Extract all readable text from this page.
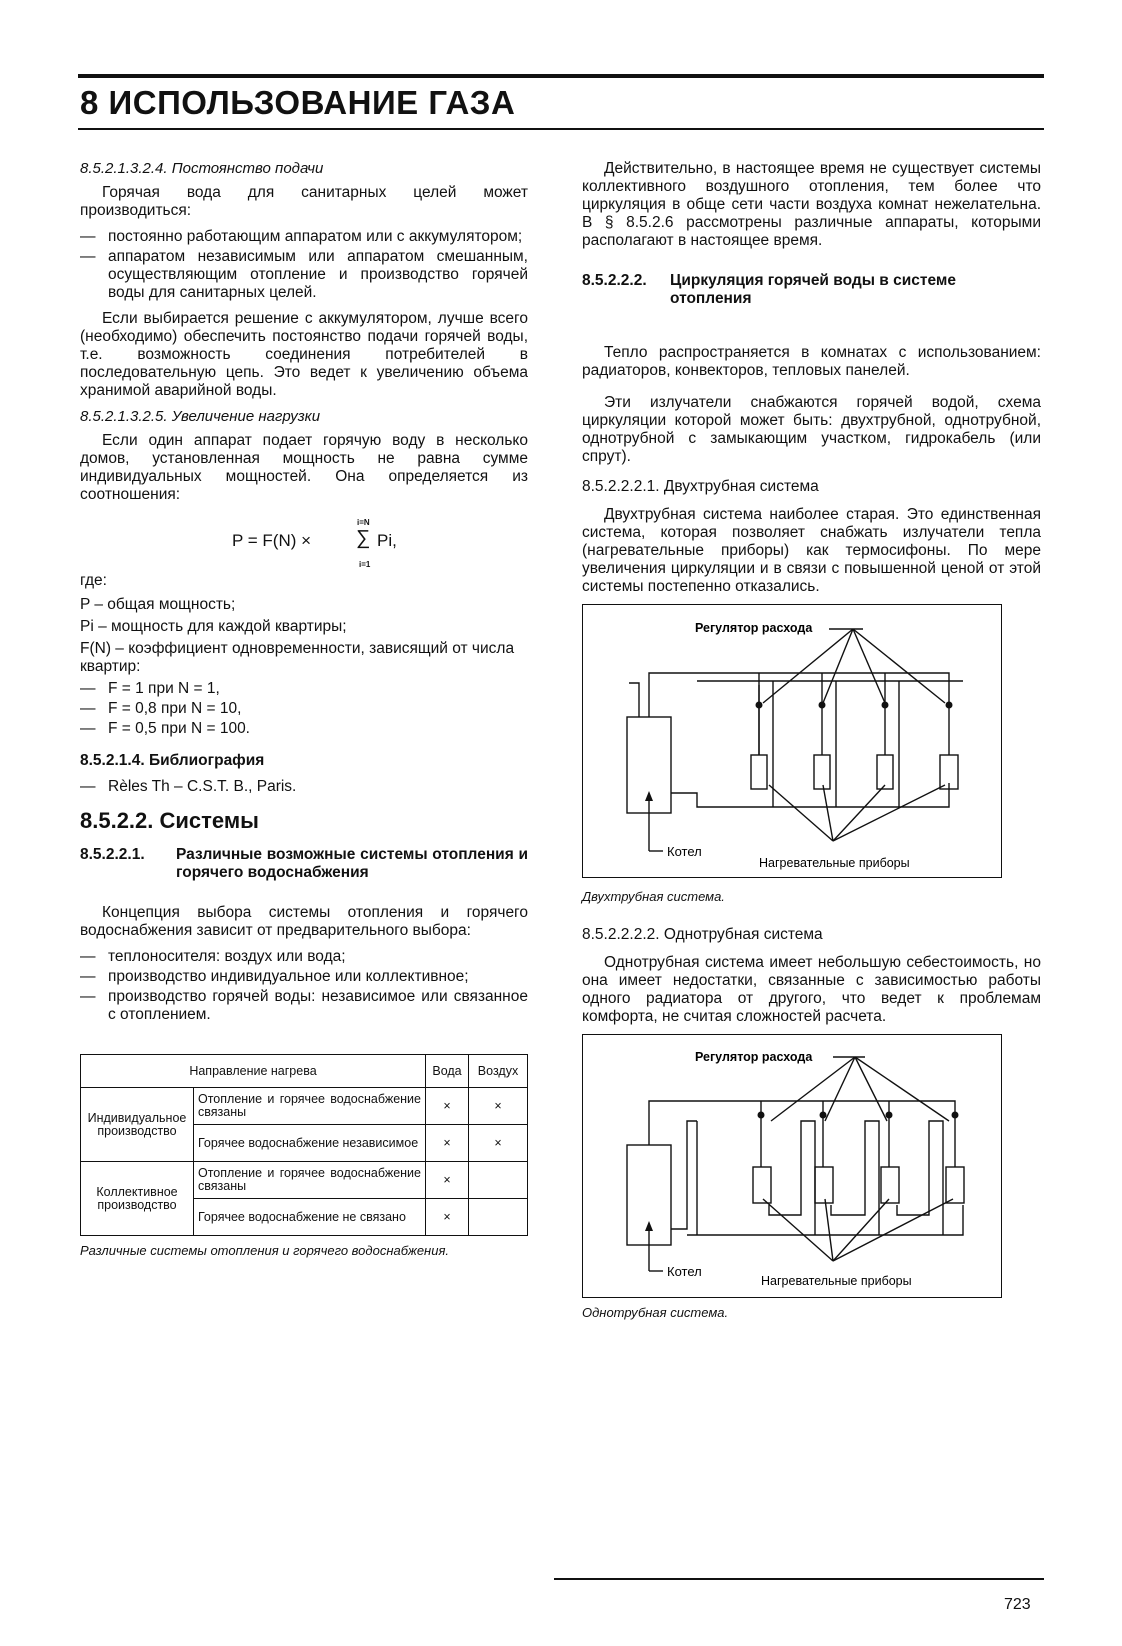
8 ИСПОЛЬЗОВАНИЕ ГАЗА
8.5.2.1.3.2.4. Постоянство подачи

Горячая вода для санитарных целей может производиться:

— постоянно работающим аппаратом или с аккумулятором;
— аппаратом независимым или аппаратом смешанным, осуществляющим отопление и производство горячей воды для санитарных целей.

Если выбирается решение с аккумулятором, лучше всего (необходимо) обеспечить постоянство подачи горячей воды, т.е. возможность соединения потребителей в последовательную цепь. Это ведет к увеличению объема хранимой аварийной воды.

8.5.2.1.3.2.5. Увеличение нагрузки

Если один аппарат подает горячую воду в несколько домов, установленная мощность не равна сумме индивидуальных мощностей. Она определяется из соотношения:

P = F(N) ×
i=N
∑
i=1
Pi,
где:
P – общая мощность;
Pi – мощность для каждой квартиры;
F(N) – коэффициент одновременности, зависящий от числа квартир:
— F = 1 при N = 1,
— F = 0,8 при N = 10,
— F = 0,5 при N = 100.
8.5.2.1.4. Библиография
— Rèles Th – C.S.T. B., Paris.
8.5.2.2. Системы
8.5.2.2.1.	Различные возможные системы отопления и горячего водоснабжения

Концепция выбора системы отопления и горячего водоснабжения зависит от предварительного выбора:

— теплоносителя: воздух или вода;
— производство индивидуальное или коллективное;
— производство горячей воды: независимое или связанное с отоплением.
Направление нагрева		Вода	Воздух
Индивидуальное производство	Отопление и горячее водоснабжение связаны	×	×
	Горячее водоснабжение независимое	×	×
Коллективное производство	Отопление и горячее водоснабжение связаны	×	
	Горячее водоснабжение не связано	×	
Различные системы отопления и горячего водоснабжения.

Действительно, в настоящее время не существует системы коллективного воздушного отопления, тем более что циркуляция в обще сети части воздуха комнат нежелательна. В § 8.5.2.6 рассмотрены различные аппараты, которыми располагают в настоящее время.

8.5.2.2.2.	Циркуляция горячей воды в системе отопления

Тепло распространяется в комнатах с использованием: радиаторов, конвекторов, тепловых панелей.

Эти излучатели снабжаются горячей водой, схема циркуляции которой может быть: двухтрубной, однотрубной, однотрубной с замыкающим участком, гидрокабель (или спрут).

8.5.2.2.2.1. Двухтрубная система

Двухтрубная система наиболее старая. Это единственная система, которая позволяет снабжать излучатели тепла (нагревательные приборы) как термосифоны. По мере увеличения циркуляции и в связи с повышенной ценой от этой системы постепенно отказались.

Регулятор расхода
Котел
Нагревательные приборы
Двухтрубная система.
8.5.2.2.2.2. Однотрубная система

Однотрубная система имеет небольшую себестоимость, но она имеет недостатки, связанные с зависимостью работы одного радиатора от другого, что ведет к проблемам комфорта, не считая сложностей расчета.

Регулятор расхода
Котел
Нагревательные приборы
Однотрубная система.
723
